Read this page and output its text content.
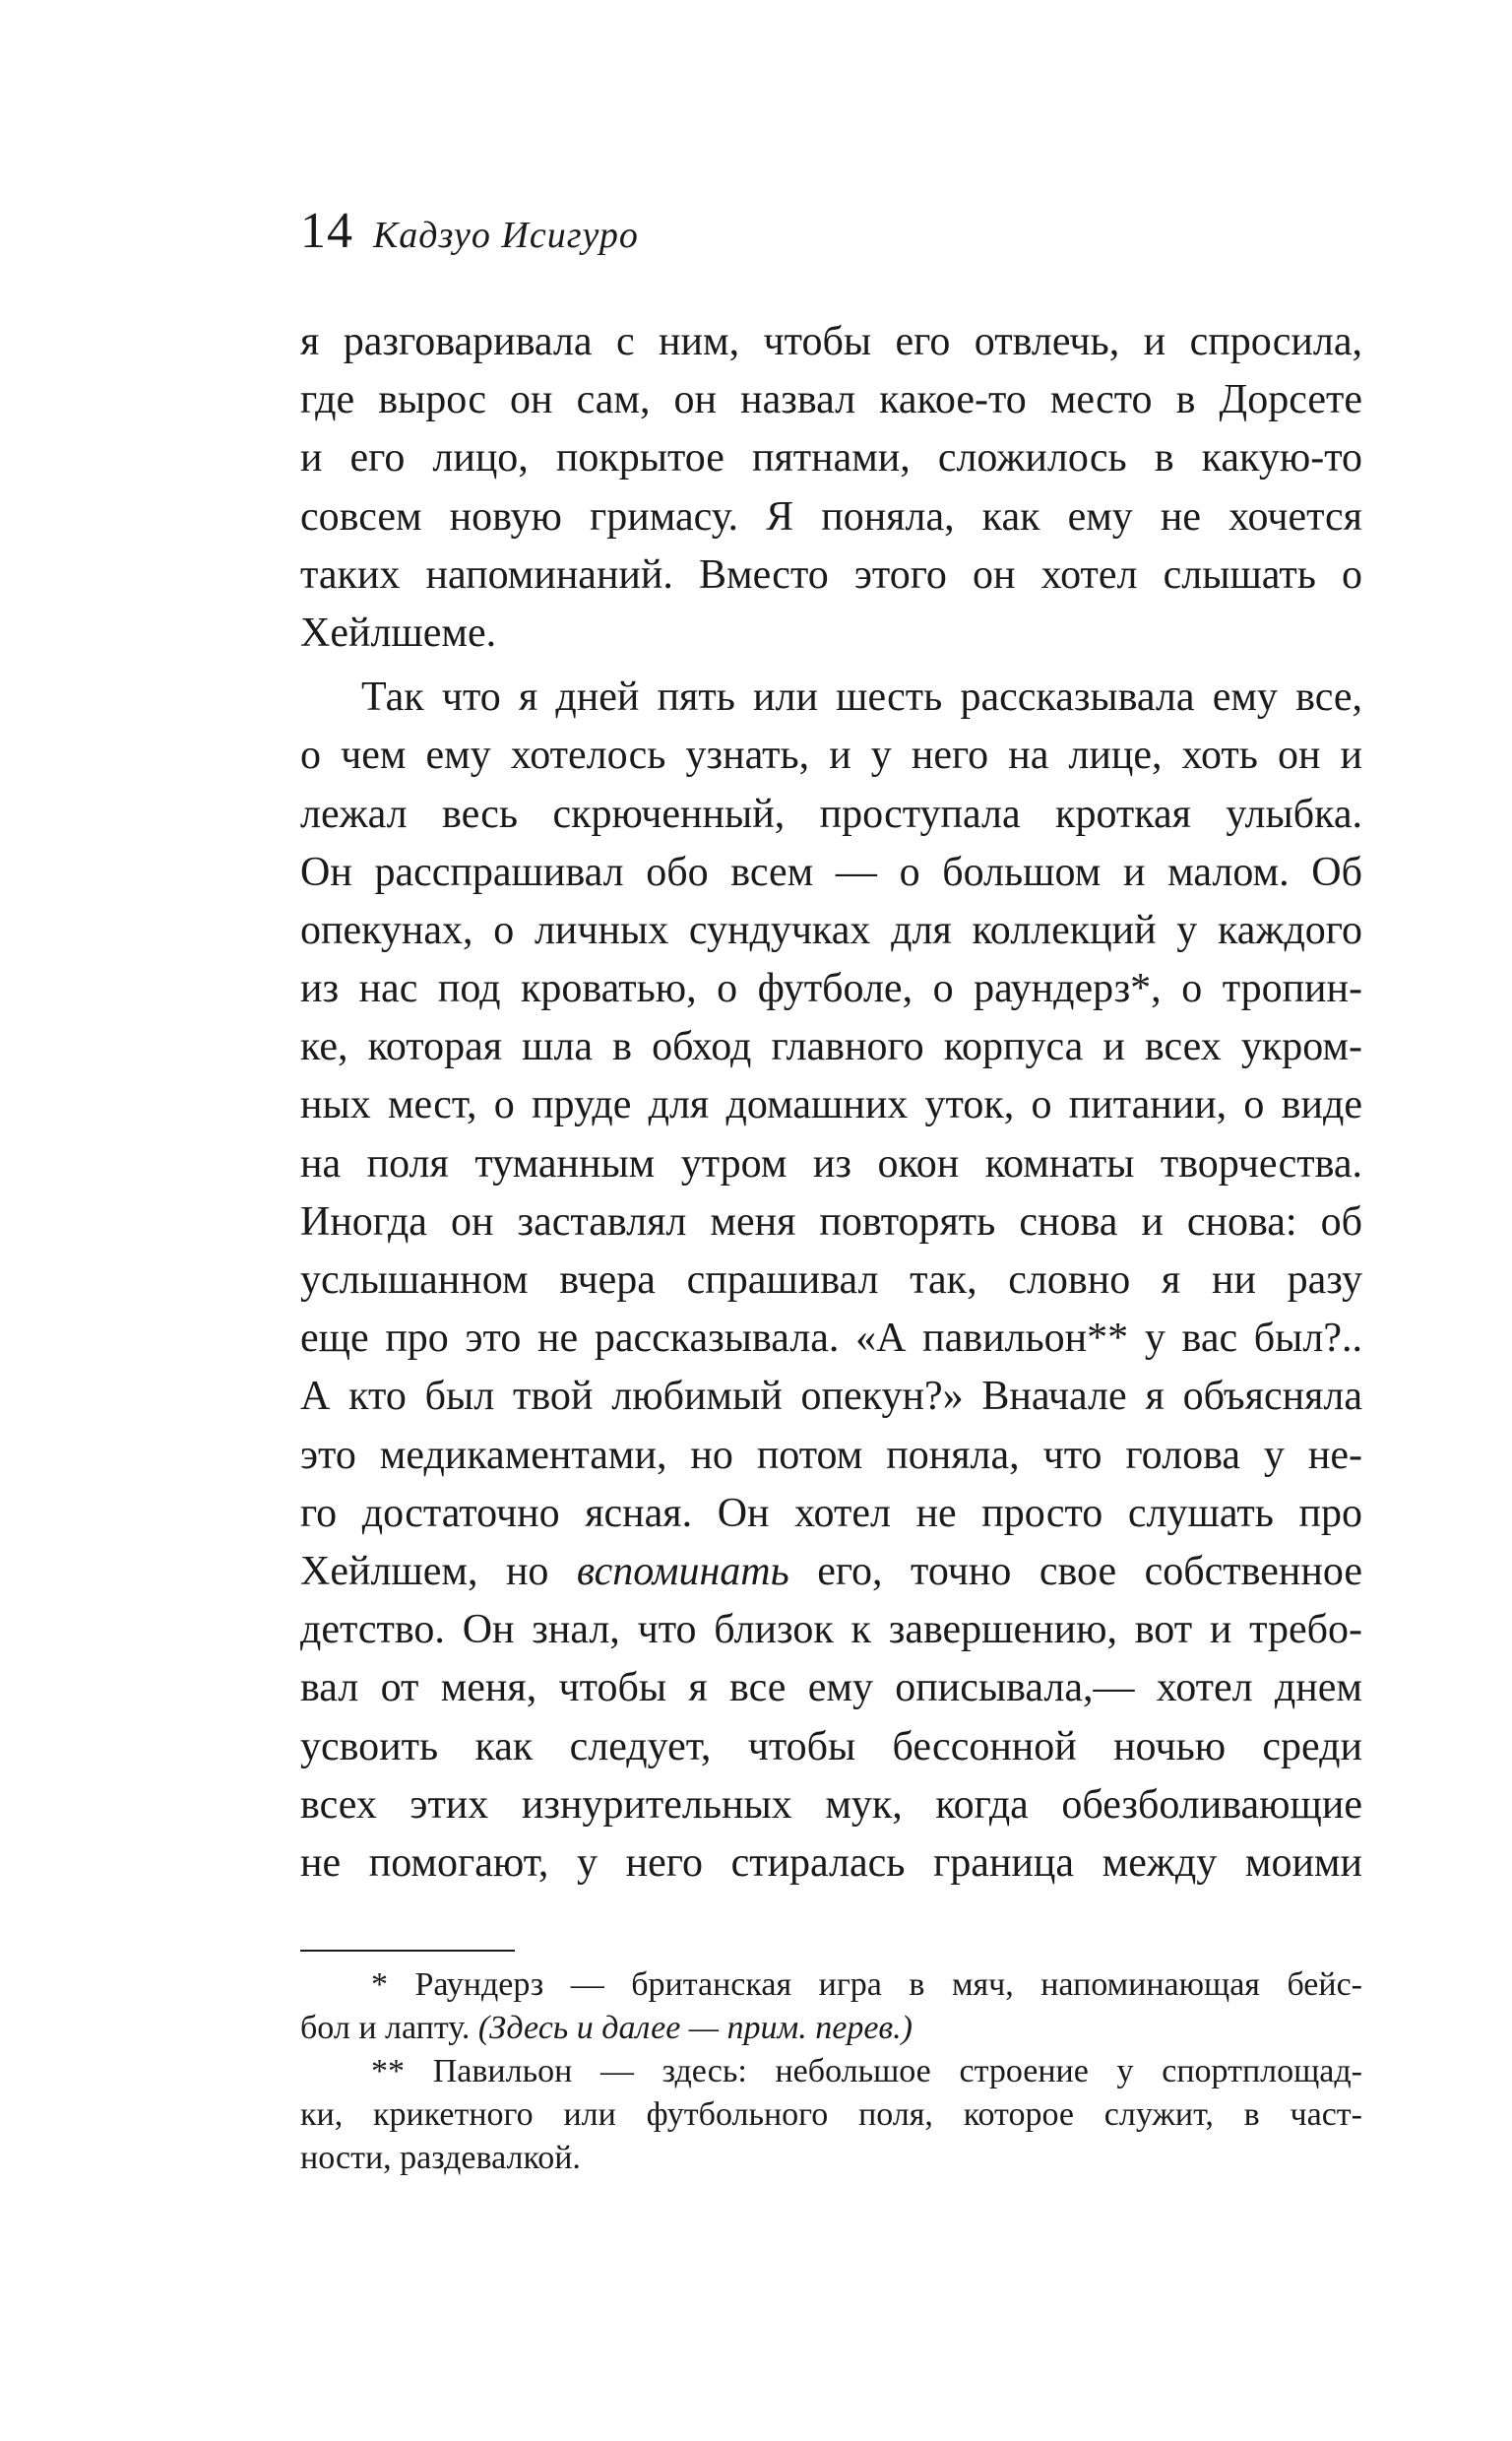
14 Кадзуо Исигуро
я разговаривала с ним, чтобы его отвлечь, и спросила,
где вырос он сам, он назвал какое-то место в Дорсете
и его лицо, покрытое пятнами, сложилось в какую-то
совсем новую гримасу. Я поняла, как ему не хочется
таких напоминаний. Вместо этого он хотел слышать о
Хейлшеме.
Так что я дней пять или шесть рассказывала ему все,
о чем ему хотелось узнать, и у него на лице, хоть он и
лежал весь скрюченный, проступала кроткая улыбка.
Он расспрашивал обо всем — о большом и малом. Об
опекунах, о личных сундучках для коллекций у каждого
из нас под кроватью, о футболе, о раундерз*, о тропин-
ке, которая шла в обход главного корпуса и всех укром-
ных мест, о пруде для домашних уток, о питании, о виде
на поля туманным утром из окон комнаты творчества.
Иногда он заставлял меня повторять снова и снова: об
услышанном вчера спрашивал так, словно я ни разу
еще про это не рассказывала. «А павильон** у вас был?..
А кто был твой любимый опекун?» Вначале я объясняла
это медикаментами, но потом поняла, что голова у не-
го достаточно ясная. Он хотел не просто слушать про
Хейлшем, но вспоминать его, точно свое собственное
детство. Он знал, что близок к завершению, вот и требо-
вал от меня, чтобы я все ему описывала,— хотел днем
усвоить как следует, чтобы бессонной ночью среди
всех этих изнурительных мук, когда обезболивающие
не помогают, у него стиралась граница между моими
* Раундерз — британская игра в мяч, напоминающая бейс-
бол и лапту. (Здесь и далее — прим. перев.)
** Павильон — здесь: небольшое строение у спортплощад-
ки, крикетного или футбольного поля, которое служит, в част-
ности, раздевалкой.
